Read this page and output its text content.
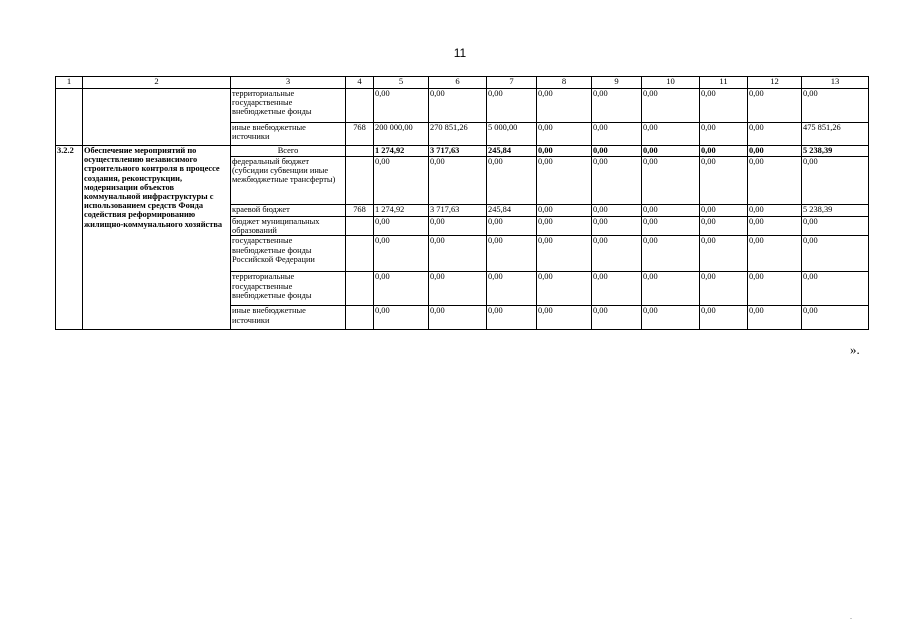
11
1	2	3	4	5	6	7	8	9	10	11	12	13
		территориальные государственные внебюджетные фонды		0,00	0,00	0,00	0,00	0,00	0,00	0,00	0,00	0,00
		иные внебюджетные источники	768	200 000,00	270 851,26	5 000,00	0,00	0,00	0,00	0,00	0,00	475 851,26
3.2.2	Обеспечение мероприятий по осуществлению независимого строительного контроля в процессе создания, реконструкции, модернизации объектов коммунальной инфраструктуры с использованием средств Фонда содействия реформированию жилищно-коммунального хозяйства	Всего		1 274,92	3 717,63	245,84	0,00	0,00	0,00	0,00	0,00	5 238,39
		федеральный бюджет (субсидии субвенции иные межбюджетные трансферты)		0,00	0,00	0,00	0,00	0,00	0,00	0,00	0,00	0,00
		краевой бюджет	768	1 274,92	3 717,63	245,84	0,00	0,00	0,00	0,00	0,00	5 238,39
		бюджет муниципальных образований		0,00	0,00	0,00	0,00	0,00	0,00	0,00	0,00	0,00
		государственные внебюджетные фонды Российской Федерации		0,00	0,00	0,00	0,00	0,00	0,00	0,00	0,00	0,00
		территориальные государственные внебюджетные фонды		0,00	0,00	0,00	0,00	0,00	0,00	0,00	0,00	0,00
		иные внебюджетные источники		0,00	0,00	0,00	0,00	0,00	0,00	0,00	0,00	0,00
».
.
